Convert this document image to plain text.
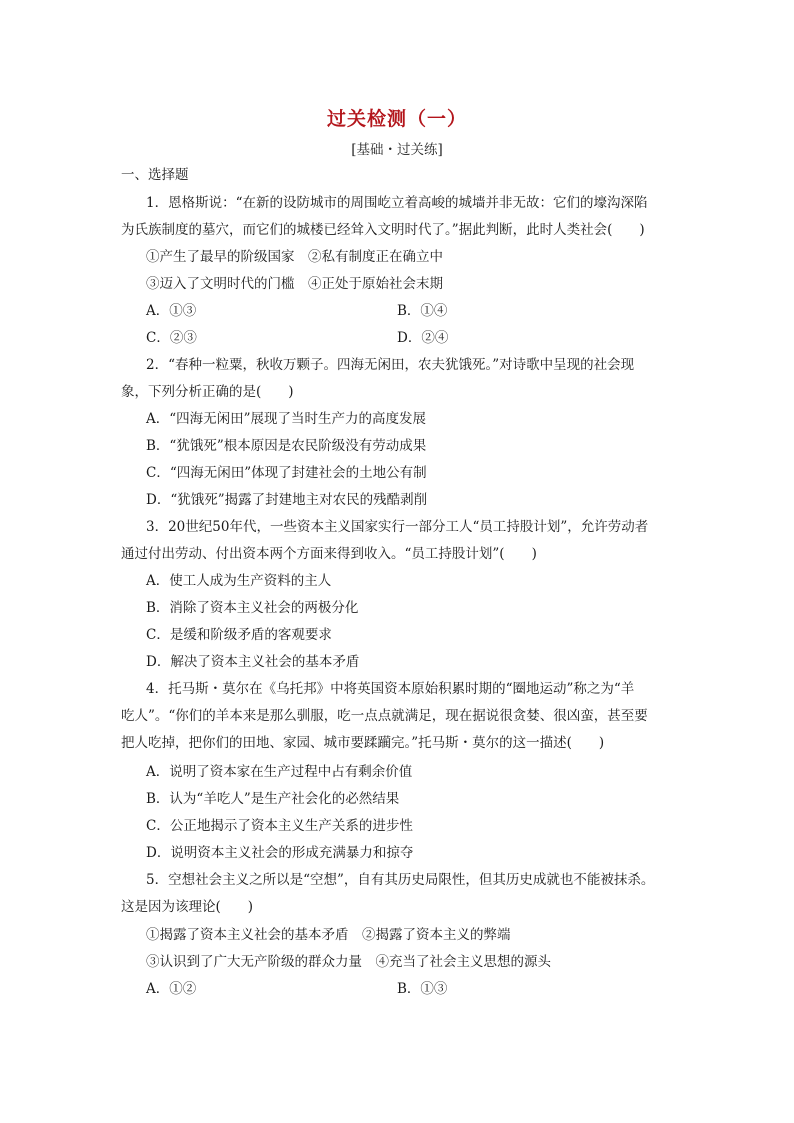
过关检测（一）
[基础・过关练]
一、选择题
1．恩格斯说：“在新的设防城市的周围屹立着高峻的城墙并非无故：它们的壕沟深陷
为氏族制度的墓穴，而它们的城楼已经耸入文明时代了。”据此判断，此时人类社会(　　)
①产生了最早的阶级国家　②私有制度正在确立中
③迈入了文明时代的门槛　④正处于原始社会末期
A．①③	B．①④
C．②③	D．②④
2．“春种一粒粟，秋收万颗子。四海无闲田，农夫犹饿死。”对诗歌中呈现的社会现
象，下列分析正确的是(　　)
A．“四海无闲田”展现了当时生产力的高度发展
B．“犹饿死”根本原因是农民阶级没有劳动成果
C．“四海无闲田”体现了封建社会的土地公有制
D．“犹饿死”揭露了封建地主对农民的残酷剥削
3．20世纪50年代，一些资本主义国家实行一部分工人“员工持股计划”，允许劳动者
通过付出劳动、付出资本两个方面来得到收入。“员工持股计划”(　　)
A．使工人成为生产资料的主人
B．消除了资本主义社会的两极分化
C．是缓和阶级矛盾的客观要求
D．解决了资本主义社会的基本矛盾
4．托马斯・莫尔在《乌托邦》中将英国资本原始积累时期的“圈地运动”称之为“羊
吃人”。“你们的羊本来是那么驯服，吃一点点就满足，现在据说很贪婪、很凶蛮，甚至要
把人吃掉，把你们的田地、家园、城市要蹂躏完。”托马斯・莫尔的这一描述(　　)
A．说明了资本家在生产过程中占有剩余价值
B．认为“羊吃人”是生产社会化的必然结果
C．公正地揭示了资本主义生产关系的进步性
D．说明资本主义社会的形成充满暴力和掠夺
5．空想社会主义之所以是“空想”，自有其历史局限性，但其历史成就也不能被抹杀。
这是因为该理论(　　)
①揭露了资本主义社会的基本矛盾　②揭露了资本主义的弊端
③认识到了广大无产阶级的群众力量　④充当了社会主义思想的源头
A．①②	B．①③
